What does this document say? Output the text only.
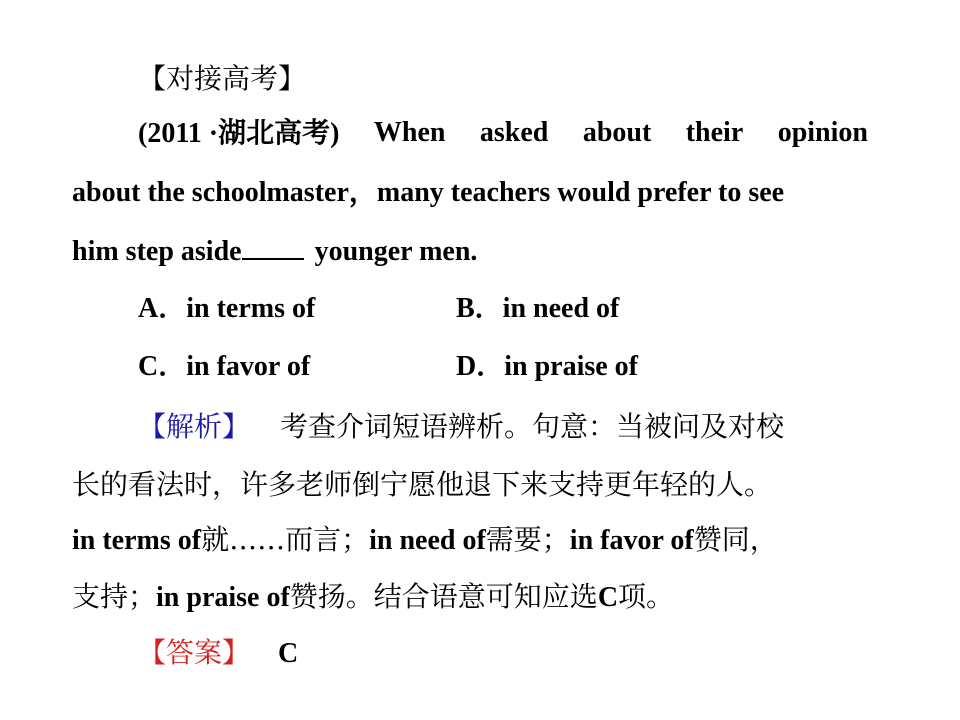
【对接高考】
(2011 ·湖北高考) When asked about their opinion
about the schoolmaster，many teachers would prefer to see
him step aside younger men.
A．in terms of	B．in need of
C．in favor of	D．in praise of
【解析】 考查介词短语辨析。句意：当被问及对校
长的看法时，许多老师倒宁愿他退下来支持更年轻的人。
in terms of就……而言；in need of需要；in favor of赞同，
支持；in praise of赞扬。结合语意可知应选C项。
【答案】 C
